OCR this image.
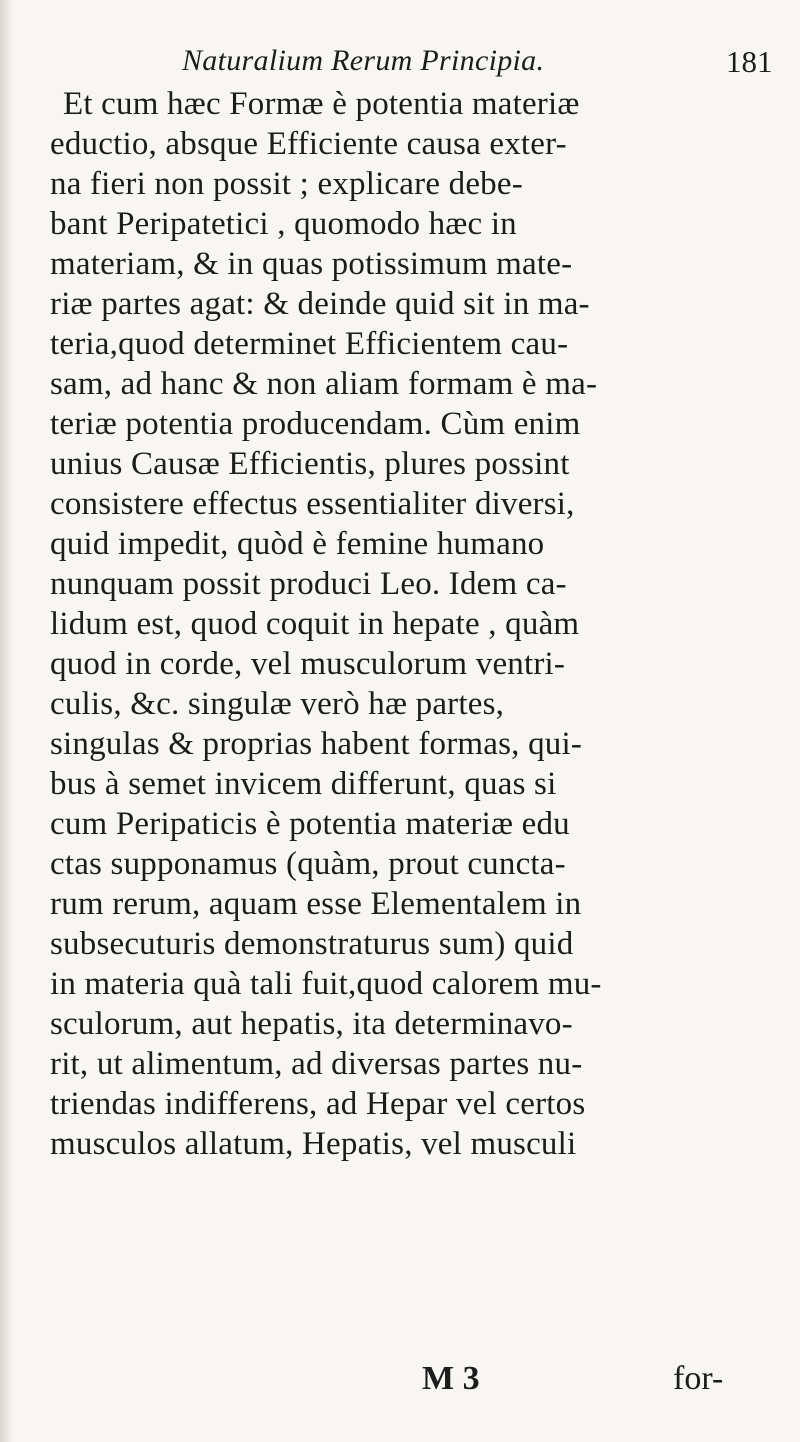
Naturalium Rerum Principia.	181
Et cum hæc Formæ è potentia materiæ
eductio, absque Efficiente causa exter-
na fieri non possit ; explicare debe-
bant Peripatetici , quomodo hæc in
materiam, & in quas potissimum mate-
riæ partes agat: & deinde quid sit in ma-
teria,quod determinet Efficientem cau-
sam, ad hanc & non aliam formam è ma-
teriæ potentia producendam. Cùm enim
unius Causæ Efficientis, plures possint
consistere effectus essentialiter diversi,
quid impedit, quòd è femine humano
nunquam possit produci Leo. Idem ca-
lidum est, quod coquit in hepate , quàm
quod in corde, vel musculorum ventri-
culis, &c. singulæ verò hæ partes,
singulas & proprias habent formas, qui-
bus à semet invicem differunt, quas si
cum Peripaticis è potentia materiæ edu
ctas supponamus (quàm, prout cuncta-
rum rerum, aquam esse Elementalem in
subsecuturis demonstraturus sum) quid
in materia quà tali fuit,quod calorem mu-
sculorum, aut hepatis, ita determinavo-
rit, ut alimentum, ad diversas partes nu-
triendas indifferens, ad Hepar vel certos
musculos allatum, Hepatis, vel musculi
M 3	for-
